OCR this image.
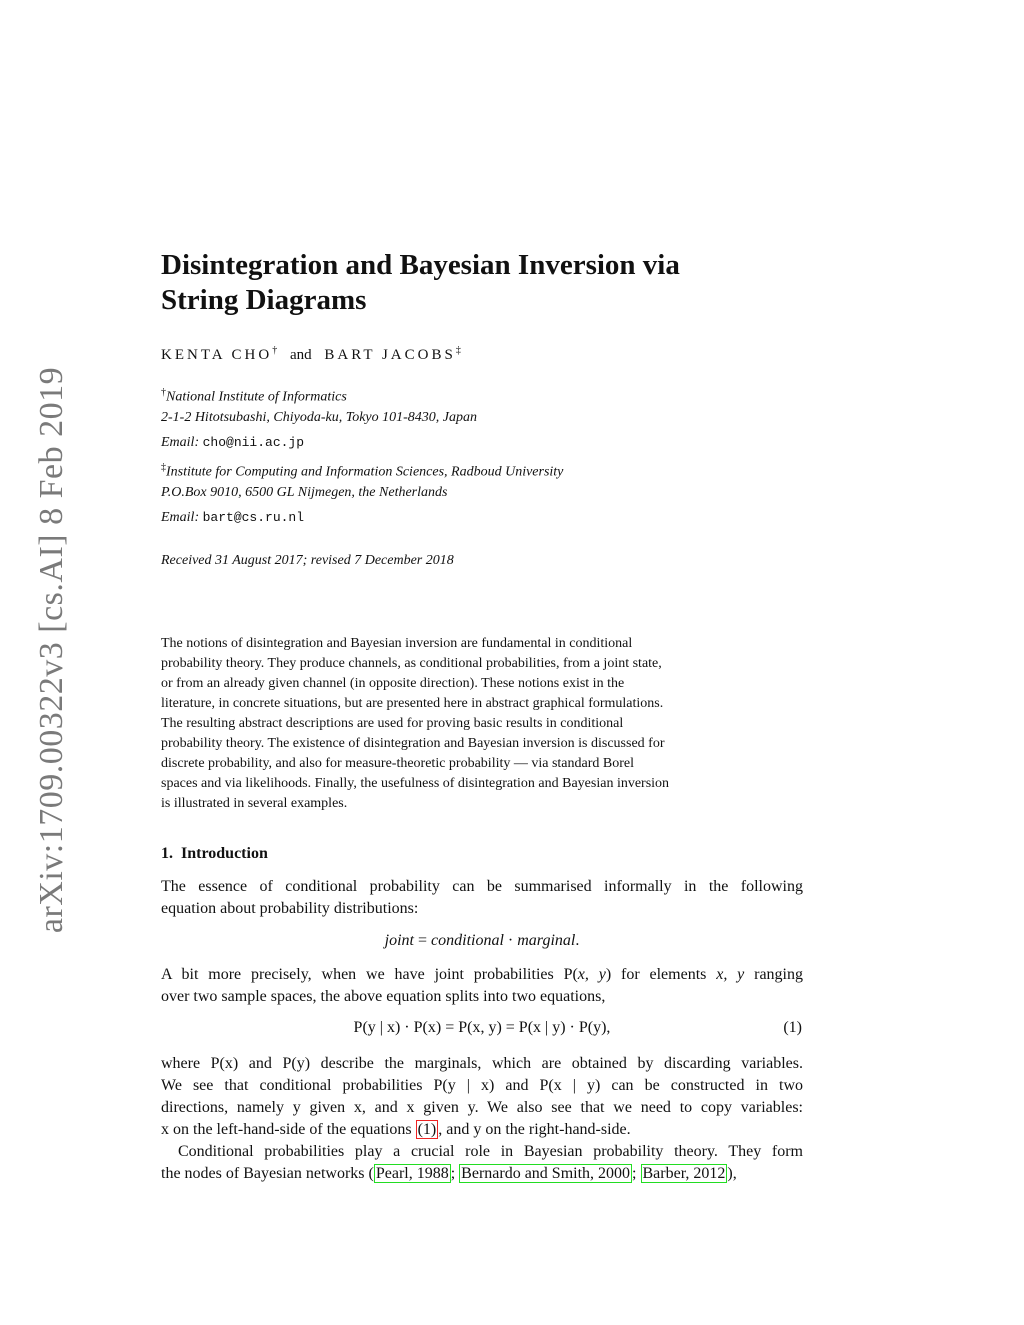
arXiv:1709.00322v3 [cs.AI] 8 Feb 2019
Disintegration and Bayesian Inversion via
String Diagrams
KENTA CHO† and BART JACOBS‡
†National Institute of Informatics
2-1-2 Hitotsubashi, Chiyoda-ku, Tokyo 101-8430, Japan
Email: cho@nii.ac.jp
‡Institute for Computing and Information Sciences, Radboud University
P.O.Box 9010, 6500 GL Nijmegen, the Netherlands
Email: bart@cs.ru.nl
Received 31 August 2017; revised 7 December 2018
The notions of disintegration and Bayesian inversion are fundamental in conditional
probability theory. They produce channels, as conditional probabilities, from a joint state,
or from an already given channel (in opposite direction). These notions exist in the
literature, in concrete situations, but are presented here in abstract graphical formulations.
The resulting abstract descriptions are used for proving basic results in conditional
probability theory. The existence of disintegration and Bayesian inversion is discussed for
discrete probability, and also for measure-theoretic probability — via standard Borel
spaces and via likelihoods. Finally, the usefulness of disintegration and Bayesian inversion
is illustrated in several examples.
1. Introduction
The essence of conditional probability can be summarised informally in the following
equation about probability distributions:
joint = conditional · marginal.
A bit more precisely, when we have joint probabilities P(x, y) for elements x, y ranging
over two sample spaces, the above equation splits into two equations,
P(y | x) · P(x) = P(x, y) = P(x | y) · P(y),	(1)
where P(x) and P(y) describe the marginals, which are obtained by discarding variables.
We see that conditional probabilities P(y | x) and P(x | y) can be constructed in two
directions, namely y given x, and x given y. We also see that we need to copy variables:
x on the left-hand-side of the equations (1) , and y on the right-hand-side.
Conditional probabilities play a crucial role in Bayesian probability theory. They form
the nodes of Bayesian networks ( Pearl, 1988 ; Bernardo and Smith, 2000 ; Barber, 2012 ),
